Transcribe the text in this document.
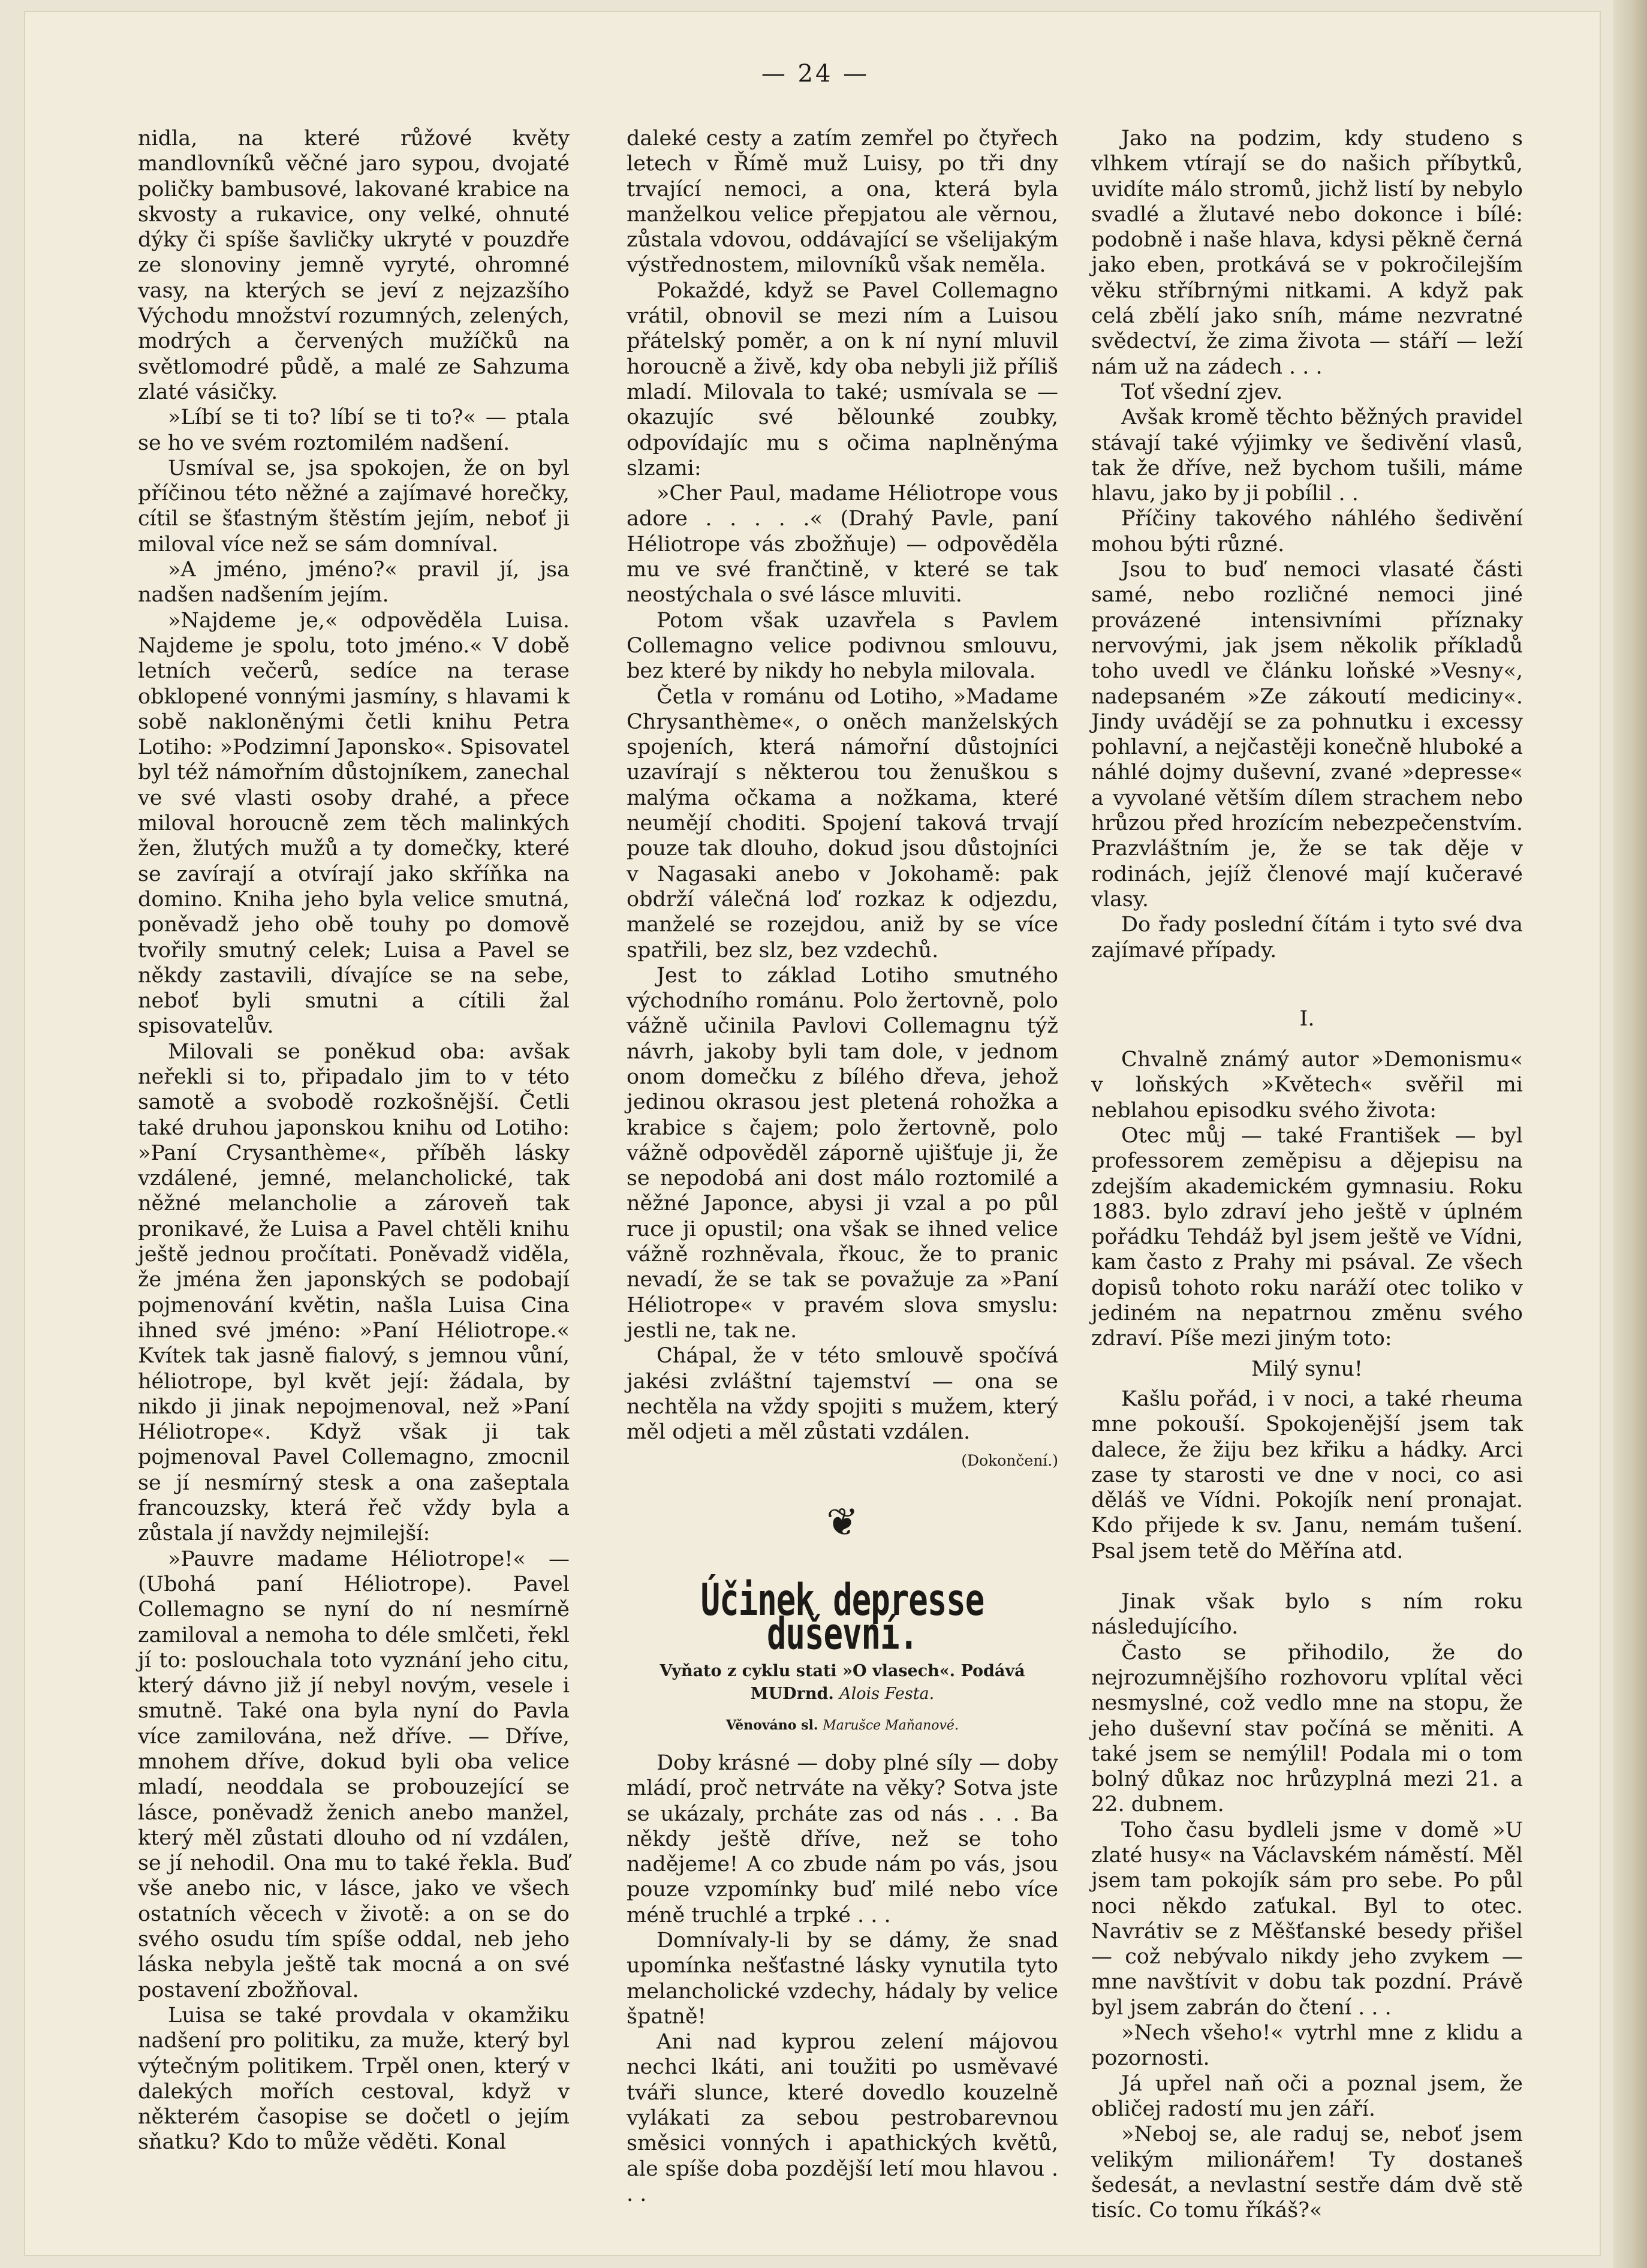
— 24 —

nidla, na které růžové květy mandlovníků věčné jaro sypou, dvojaté poličky bambusové, lakované krabice na skvosty a rukavice, ony velké, ohnuté dýky či spíše šavličky ukryté v pouzdře ze slonoviny jemně vyryté, ohromné vasy, na kterých se jeví z nejzazšího Východu množství rozumných, zelených, modrých a červených mužíčků na světlomodré půdě, a malé ze Sahzuma zlaté vásičky.

»Líbí se ti to? líbí se ti to?« — ptala se ho ve svém roztomilém nadšení.

Usmíval se, jsa spokojen, že on byl příčinou této něžné a zajímavé horečky, cítil se šťastným štěstím jejím, neboť ji miloval více než se sám domníval.

»A jméno, jméno?« pravil jí, jsa nadšen nadšením jejím.

»Najdeme je,« odpověděla Luisa. Najdeme je spolu, toto jméno.« V době letních večerů, sedíce na terase obklopené vonnými jasmíny, s hlavami k sobě nakloněnými četli knihu Petra Lotiho: »Podzimní Japonsko«. Spisovatel byl též námořním důstojníkem, zanechal ve své vlasti osoby drahé, a přece miloval horoucně zem těch malinkých žen, žlutých mužů a ty domečky, které se zavírají a otvírají jako skříňka na domino. Kniha jeho byla velice smutná, poněvadž jeho obě touhy po domově tvořily smutný celek; Luisa a Pavel se někdy zastavili, dívajíce se na sebe, neboť byli smutni a cítili žal spisovatelův.

Milovali se poněkud oba: avšak neřekli si to, připadalo jim to v této samotě a svobodě rozkošnější. Četli také druhou japonskou knihu od Lotiho: »Paní Crysanthème«, příběh lásky vzdálené, jemné, melancholické, tak něžné melancholie a zároveň tak pronikavé, že Luisa a Pavel chtěli knihu ještě jednou pročítati. Poněvadž viděla, že jména žen japonských se podobají pojmenování květin, našla Luisa Cina ihned své jméno: »Paní Héliotrope.« Kvítek tak jasně fialový, s jemnou vůní, héliotrope, byl květ její: žádala, by nikdo ji jinak nepojmenoval, než »Paní Héliotrope«. Když však ji tak pojmenoval Pavel Collemagno, zmocnil se jí nesmírný stesk a ona zašeptala francouzsky, která řeč vždy byla a zůstala jí navždy nejmilejší:

»Pauvre madame Héliotrope!« — (Ubohá paní Héliotrope). Pavel Collemagno se nyní do ní nesmírně zamiloval a nemoha to déle smlčeti, řekl jí to: poslouchala toto vyznání jeho citu, který dávno již jí nebyl novým, vesele i smutně. Také ona byla nyní do Pavla více zamilována, než dříve. — Dříve, mnohem dříve, dokud byli oba velice mladí, neoddala se probouzející se lásce, poněvadž ženich anebo manžel, který měl zůstati dlouho od ní vzdálen, se jí nehodil. Ona mu to také řekla. Buď vše anebo nic, v lásce, jako ve všech ostatních věcech v životě: a on se do svého osudu tím spíše oddal, neb jeho láska nebyla ještě tak mocná a on své postavení zbožňoval.

Luisa se také provdala v okamžiku nadšení pro politiku, za muže, který byl výtečným politikem. Trpěl onen, který v dalekých mořích cestoval, když v některém časopise se dočetl o jejím sňatku? Kdo to může věděti. Konal

daleké cesty a zatím zemřel po čtyřech letech v Římě muž Luisy, po tři dny trvající nemoci, a ona, která byla manželkou velice přepjatou ale věrnou, zůstala vdovou, oddávající se všelijakým výstřednostem, milovníků však neměla.

Pokaždé, když se Pavel Collemagno vrátil, obnovil se mezi ním a Luisou přátelský poměr, a on k ní nyní mluvil horoucně a živě, kdy oba nebyli již příliš mladí. Milovala to také; usmívala se — okazujíc své bělounké zoubky, odpovídajíc mu s očima naplněnýma slzami:

»Cher Paul, madame Héliotrope vous adore . . . . .« (Drahý Pavle, paní Héliotrope vás zbožňuje) — odpověděla mu ve své frančtině, v které se tak neostýchala o své lásce mluviti.

Potom však uzavřela s Pavlem Collemagno velice podivnou smlouvu, bez které by nikdy ho nebyla milovala.

Četla v románu od Lotiho, »Madame Chrysanthème«, o oněch manželských spojeních, která námořní důstojníci uzavírají s některou tou ženuškou s malýma očkama a nožkama, které neumějí choditi. Spojení taková trvají pouze tak dlouho, dokud jsou důstojníci v Nagasaki anebo v Jokohamě: pak obdrží válečná loď rozkaz k odjezdu, manželé se rozejdou, aniž by se více spatřili, bez slz, bez vzdechů.

Jest to základ Lotiho smutného východního románu. Polo žertovně, polo vážně učinila Pavlovi Collemagnu týž návrh, jakoby byli tam dole, v jednom onom domečku z bílého dřeva, jehož jedinou okrasou jest pletená rohožka a krabice s čajem; polo žertovně, polo vážně odpověděl záporně ujišťuje ji, že se nepodobá ani dost málo roztomilé a něžné Japonce, abysi ji vzal a po půl ruce ji opustil; ona však se ihned velice vážně rozhněvala, řkouc, že to pranic nevadí, že se tak se považuje za »Paní Héliotrope« v pravém slova smyslu: jestli ne, tak ne.

Chápal, že v této smlouvě spočívá jakési zvláštní tajemství — ona se nechtěla na vždy spojiti s mužem, který měl odjeti a měl zůstati vzdálen.

(Dokončení.)
❦
Účinek depresse duševní.
Vyňato z cyklu stati »O vlasech«. Podává MUDrnd. Alois Festa.
Věnováno sl. Marušce Maňanové.

Doby krásné — doby plné síly — doby mládí, proč netrváte na věky? Sotva jste se ukázaly, prcháte zas od nás . . . Ba někdy ještě dříve, než se toho nadějeme! A co zbude nám po vás, jsou pouze vzpomínky buď milé nebo více méně truchlé a trpké . . .

Domnívaly-li by se dámy, že snad upomínka nešťastné lásky vynutila tyto melancholické vzdechy, hádaly by velice špatně!

Ani nad kyprou zelení májovou nechci lkáti, ani toužiti po usměvavé tváři slunce, které dovedlo kouzelně vylákati za sebou pestrobarevnou směsici vonných i apathických květů, ale spíše doba pozdější letí mou hlavou . . .

Jako na podzim, kdy studeno s vlhkem vtírají se do našich příbytků, uvidíte málo stromů, jichž listí by nebylo svadlé a žlutavé nebo dokonce i bílé: podobně i naše hlava, kdysi pěkně černá jako eben, protkává se v pokročilejším věku stříbrnými nitkami. A když pak celá zbělí jako sníh, máme nezvratné svědectví, že zima života — stáří — leží nám už na zádech . . .

Toť všední zjev.

Avšak kromě těchto běžných pravidel stávají také výjimky ve šedivění vlasů, tak že dříve, než bychom tušili, máme hlavu, jako by ji pobílil . .

Příčiny takového náhlého šedivění mohou býti různé.

Jsou to buď nemoci vlasaté části samé, nebo rozličné nemoci jiné provázené intensivními příznaky nervovými, jak jsem několik příkladů toho uvedl ve článku loňské »Vesny«, nadepsaném »Ze zákoutí mediciny«. Jindy uvádějí se za pohnutku i excessy pohlavní, a nejčastěji konečně hluboké a náhlé dojmy duševní, zvané »depresse« a vyvolané větším dílem strachem nebo hrůzou před hrozícím nebezpečenstvím. Prazvláštním je, že se tak děje v rodinách, jejíž členové mají kučeravé vlasy.

Do řady poslední čítám i tyto své dva zajímavé případy.

I.

Chvalně známý autor »Demonismu« v loňských »Květech« svěřil mi neblahou episodku svého života:

Otec můj — také František — byl professorem zeměpisu a dějepisu na zdejším akademickém gymnasiu. Roku 1883. bylo zdraví jeho ještě v úplném pořádku Tehdáž byl jsem ještě ve Vídni, kam často z Prahy mi psával. Ze všech dopisů tohoto roku naráží otec toliko v jediném na nepatrnou změnu svého zdraví. Píše mezi jiným toto:

Milý synu!

Kašlu pořád, i v noci, a také rheuma mne pokouší. Spokojenější jsem tak dalece, že žiju bez křiku a hádky. Arci zase ty starosti ve dne v noci, co asi děláš ve Vídni. Pokojík není pronajat. Kdo přijede k sv. Janu, nemám tušení. Psal jsem tetě do Měřína atd.

Jinak však bylo s ním roku následujícího.

Často se přihodilo, že do nejrozumnějšího rozhovoru vplítal věci nesmyslné, což vedlo mne na stopu, že jeho duševní stav počíná se měniti. A také jsem se nemýlil! Podala mi o tom bolný důkaz noc hrůzyplná mezi 21. a 22. dubnem.

Toho času bydleli jsme v domě »U zlaté husy« na Václavském náměstí. Měl jsem tam pokojík sám pro sebe. Po půl noci někdo zaťukal. Byl to otec. Navrátiv se z Měšťanské besedy přišel — což nebývalo nikdy jeho zvykem — mne navštívit v dobu tak pozdní. Právě byl jsem zabrán do čtení . . .

»Nech všeho!« vytrhl mne z klidu a pozornosti.

Já upřel naň oči a poznal jsem, že obličej radostí mu jen září.

»Neboj se, ale raduj se, neboť jsem velikým milionářem! Ty dostaneš šedesát, a nevlastní sestře dám dvě stě tisíc. Co tomu říkáš?«
